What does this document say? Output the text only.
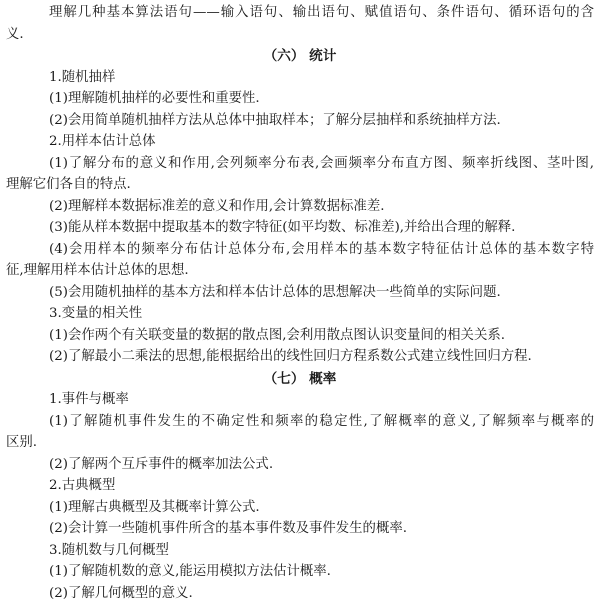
理解几种基本算法语句——输入语句、输出语句、赋值语句、条件语句、循环语句的含
义.
（六） 统计
1.随机抽样
(1)理解随机抽样的必要性和重要性.
(2)会用简单随机抽样方法从总体中抽取样本；了解分层抽样和系统抽样方法.
2.用样本估计总体
(1)了解分布的意义和作用,会列频率分布表,会画频率分布直方图、频率折线图、茎叶图,
理解它们各自的特点.
(2)理解样本数据标准差的意义和作用,会计算数据标准差.
(3)能从样本数据中提取基本的数字特征(如平均数、标准差),并给出合理的解释.
(4)会用样本的频率分布估计总体分布,会用样本的基本数字特征估计总体的基本数字特
征,理解用样本估计总体的思想.
(5)会用随机抽样的基本方法和样本估计总体的思想解决一些简单的实际问题.
3.变量的相关性
(1)会作两个有关联变量的数据的散点图,会利用散点图认识变量间的相关关系.
(2)了解最小二乘法的思想,能根据给出的线性回归方程系数公式建立线性回归方程.
（七） 概率
1.事件与概率
(1)了解随机事件发生的不确定性和频率的稳定性,了解概率的意义,了解频率与概率的
区别.
(2)了解两个互斥事件的概率加法公式.
2.古典概型
(1)理解古典概型及其概率计算公式.
(2)会计算一些随机事件所含的基本事件数及事件发生的概率.
3.随机数与几何概型
(1)了解随机数的意义,能运用模拟方法估计概率.
(2)了解几何概型的意义.
